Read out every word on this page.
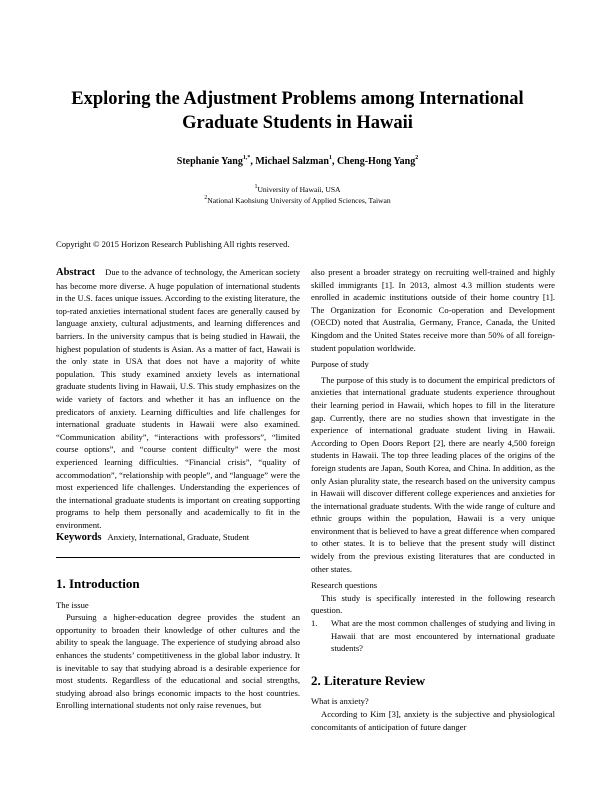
Exploring the Adjustment Problems among International Graduate Students in Hawaii
Stephanie Yang$^{1,*}$, Michael Salzman$^1$, Cheng-Hong Yang$^2$
$^1$University of Hawaii, USA
$^2$National Kaohsiung University of Applied Sciences, Taiwan
Copyright © 2015 Horizon Research Publishing All rights reserved.

Abstract Due to the advance of technology, the American society has become more diverse. A huge population of international students in the U.S. faces unique issues. According to the existing literature, the top-rated anxieties international student faces are generally caused by language anxiety, cultural adjustments, and learning differences and barriers. In the university campus that is being studied in Hawaii, the highest population of students is Asian. As a matter of fact, Hawaii is the only state in USA that does not have a majority of white population. This study examined anxiety levels as international graduate students living in Hawaii, U.S. This study emphasizes on the wide variety of factors and whether it has an influence on the predicators of anxiety. Learning difficulties and life challenges for international graduate students in Hawaii were also examined. “Communication ability”, “interactions with professors”, “limited course options”, and “course content difficulty” were the most experienced learning difficulties. “Financial crisis”, “quality of accommodation”, “relationship with people”, and “language” were the most experienced life challenges. Understanding the experiences of the international graduate students is important on creating supporting programs to help them personally and academically to fit in the environment.

Keywords Anxiety, International, Graduate, Student

1. Introduction

The issue

Pursuing a higher-education degree provides the student an opportunity to broaden their knowledge of other cultures and the ability to speak the language. The experience of studying abroad also enhances the students’ competitiveness in the global labor industry. It is inevitable to say that studying abroad is a desirable experience for most students. Regardless of the educational and social strengths, studying abroad also brings economic impacts to the host countries. Enrolling international students not only raise revenues, but

also present a broader strategy on recruiting well-trained and highly skilled immigrants [1]. In 2013, almost 4.3 million students were enrolled in academic institutions outside of their home country [1]. The Organization for Economic Co-operation and Development (OECD) noted that Australia, Germany, France, Canada, the United Kingdom and the United States receive more than 50% of all foreign-student population worldwide.

Purpose of study

The purpose of this study is to document the empirical predictors of anxieties that international graduate students experience throughout their learning period in Hawaii, which hopes to fill in the literature gap. Currently, there are no studies shown that investigate in the experience of international graduate student living in Hawaii. According to Open Doors Report [2], there are nearly 4,500 foreign students in Hawaii. The top three leading places of the origins of the foreign students are Japan, South Korea, and China. In addition, as the only Asian plurality state, the research based on the university campus in Hawaii will discover different college experiences and anxieties for the international graduate students. With the wide range of culture and ethnic groups within the population, Hawaii is a very unique environment that is believed to have a great difference when compared to other states. It is to believe that the present study will distinct widely from the previous existing literatures that are conducted in other states.

Research questions

This study is specifically interested in the following research question.

1.	What are the most common challenges of studying and living in Hawaii that are most encountered by international graduate students?
2. Literature Review

What is anxiety?

According to Kim [3], anxiety is the subjective and physiological concomitants of anticipation of future danger
